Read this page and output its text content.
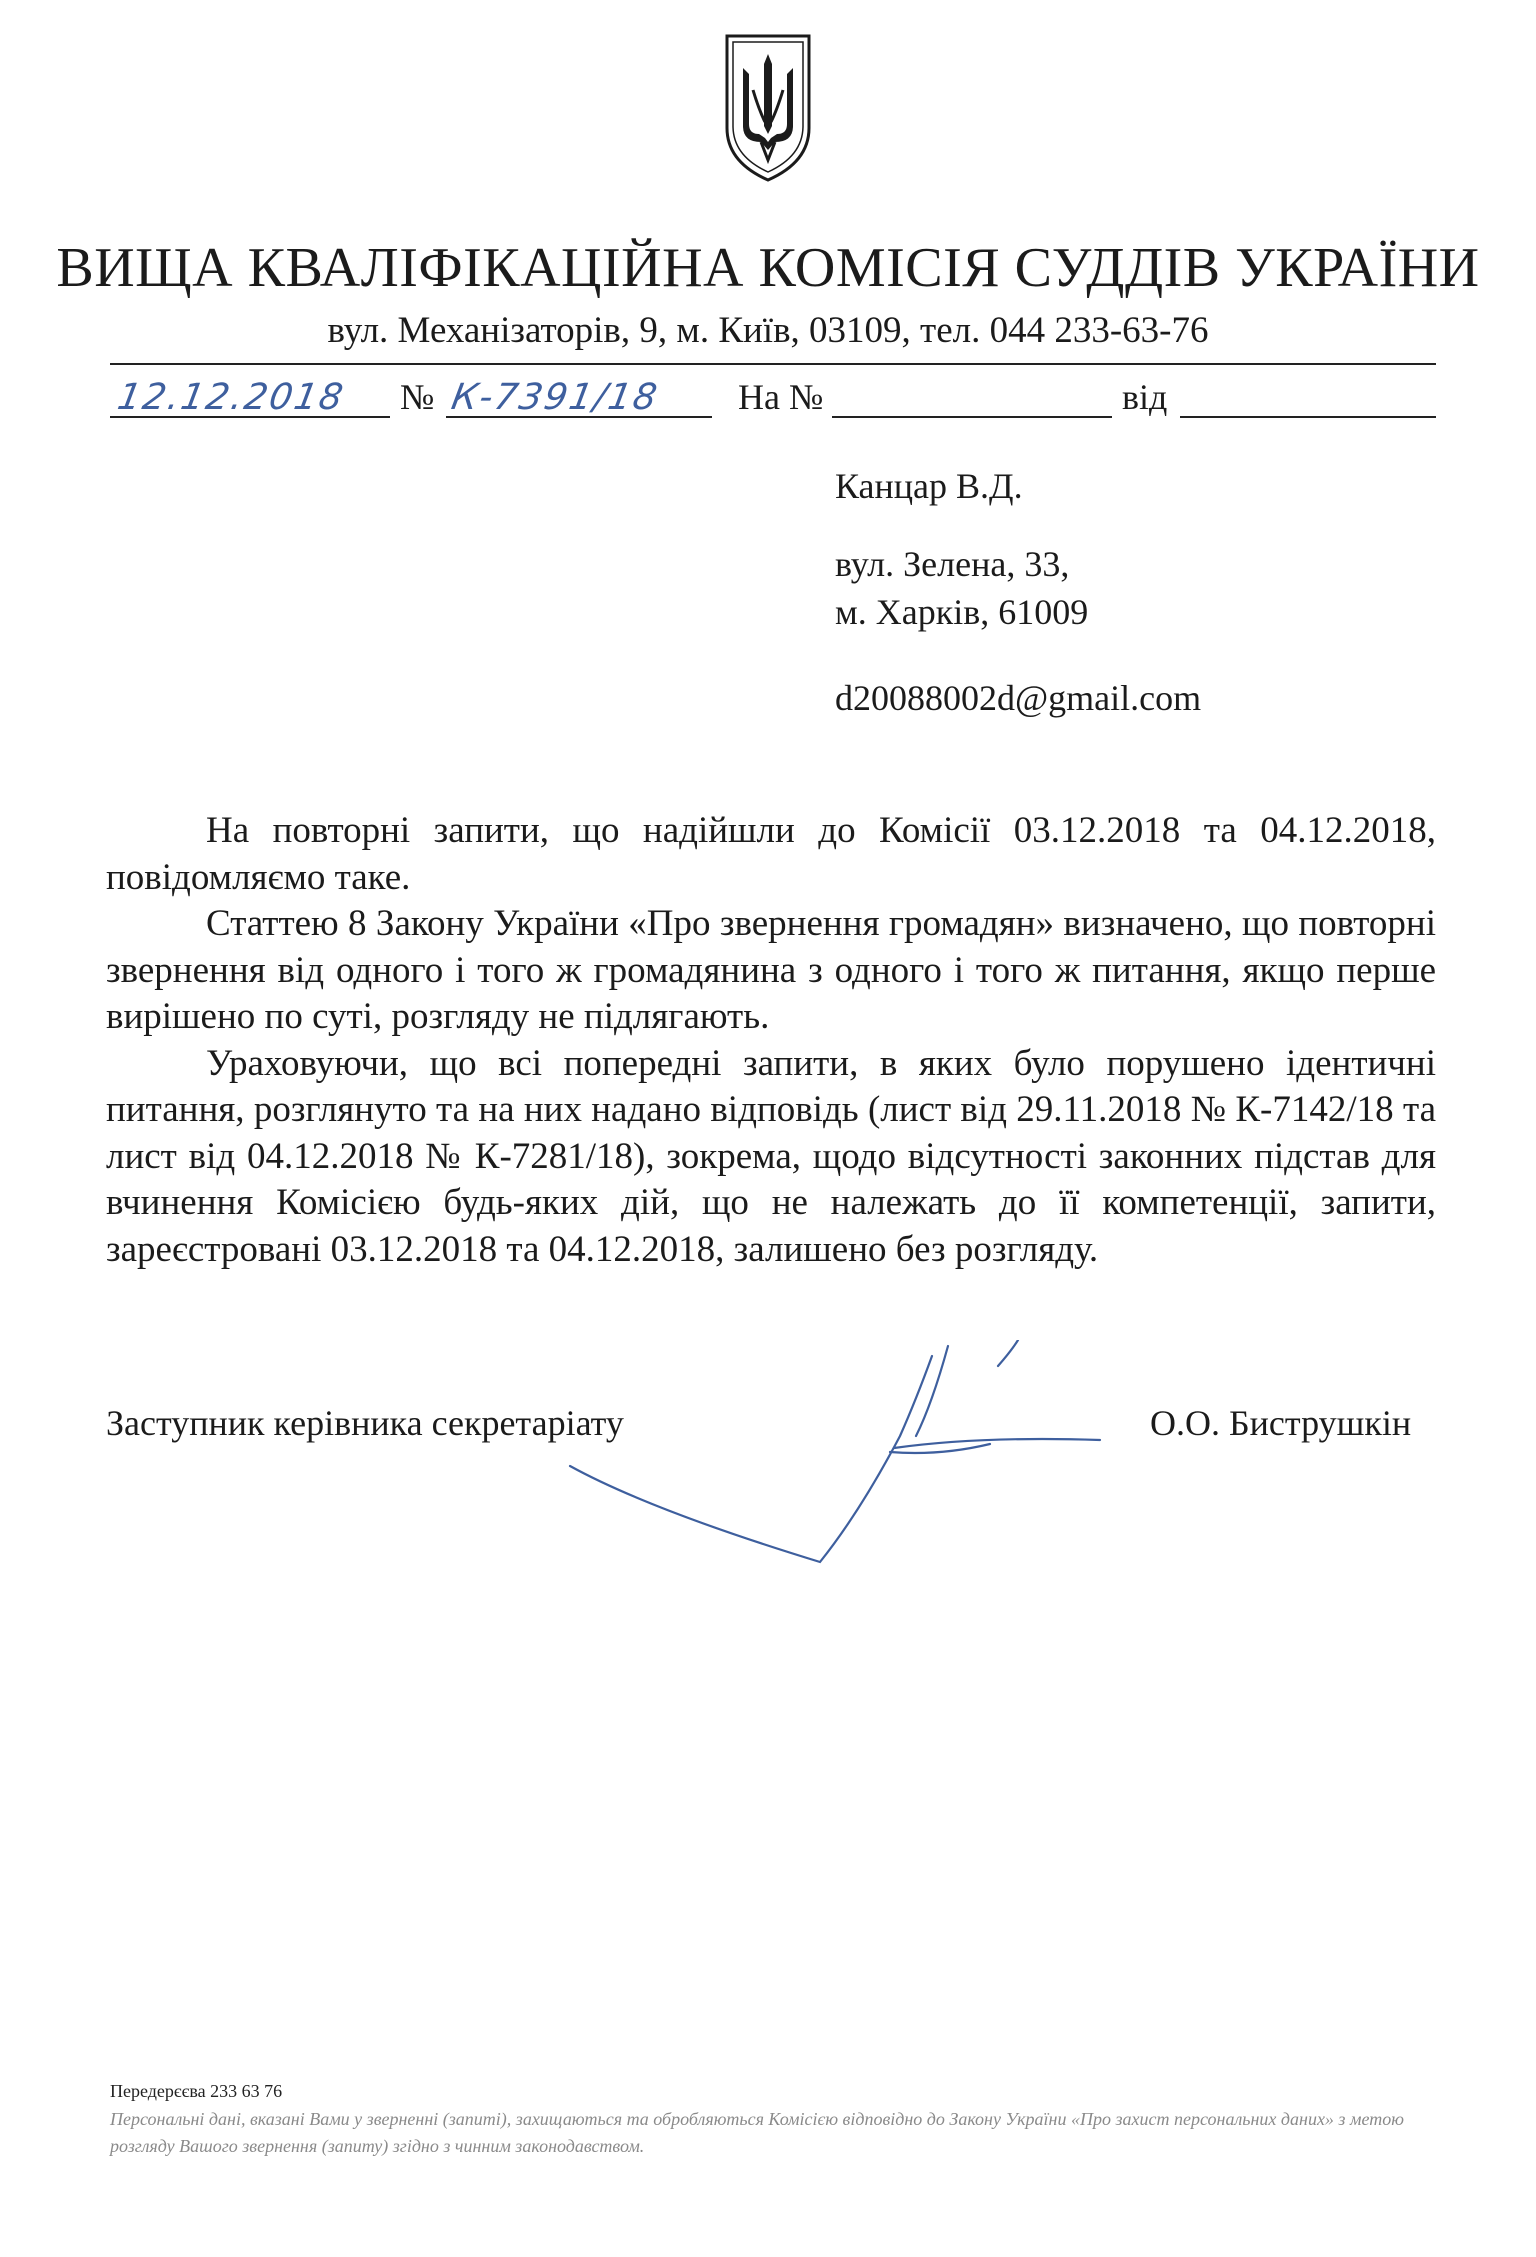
ВИЩА КВАЛІФІКАЦІЙНА КОМІСІЯ СУДДІВ УКРАЇНИ
вул. Механізаторів, 9, м. Київ, 03109, тел. 044 233-63-76
12.12.2018	№ К-7391/18	На №	від
Канцар В.Д.
вул. Зелена, 33,
м. Харків, 61009
d20088002d@gmail.com

На повторні запити, що надійшли до Комісії 03.12.2018 та 04.12.2018, повідомляємо таке.

Статтею 8 Закону України «Про звернення громадян» визначено, що повторні звернення від одного і того ж громадянина з одного і того ж питання, якщо перше вирішено по суті, розгляду не підлягають.

Ураховуючи, що всі попередні запити, в яких було порушено ідентичні питання, розглянуто та на них надано відповідь (лист від 29.11.2018 № К-7142/18 та лист від 04.12.2018 № К-7281/18), зокрема, щодо відсутності законних підстав для вчинення Комісією будь-яких дій, що не належать до її компетенції, запити, зареєстровані 03.12.2018 та 04.12.2018, залишено без розгляду.

Заступник керівника секретаріату	О.О. Биструшкін
Передерєєва 233 63 76
Персональні дані, вказані Вами у зверненні (запиті), захищаються та обробляються Комісією відповідно до Закону України «Про захист персональних даних» з метою розгляду Вашого звернення (запиту) згідно з чинним законодавством.
